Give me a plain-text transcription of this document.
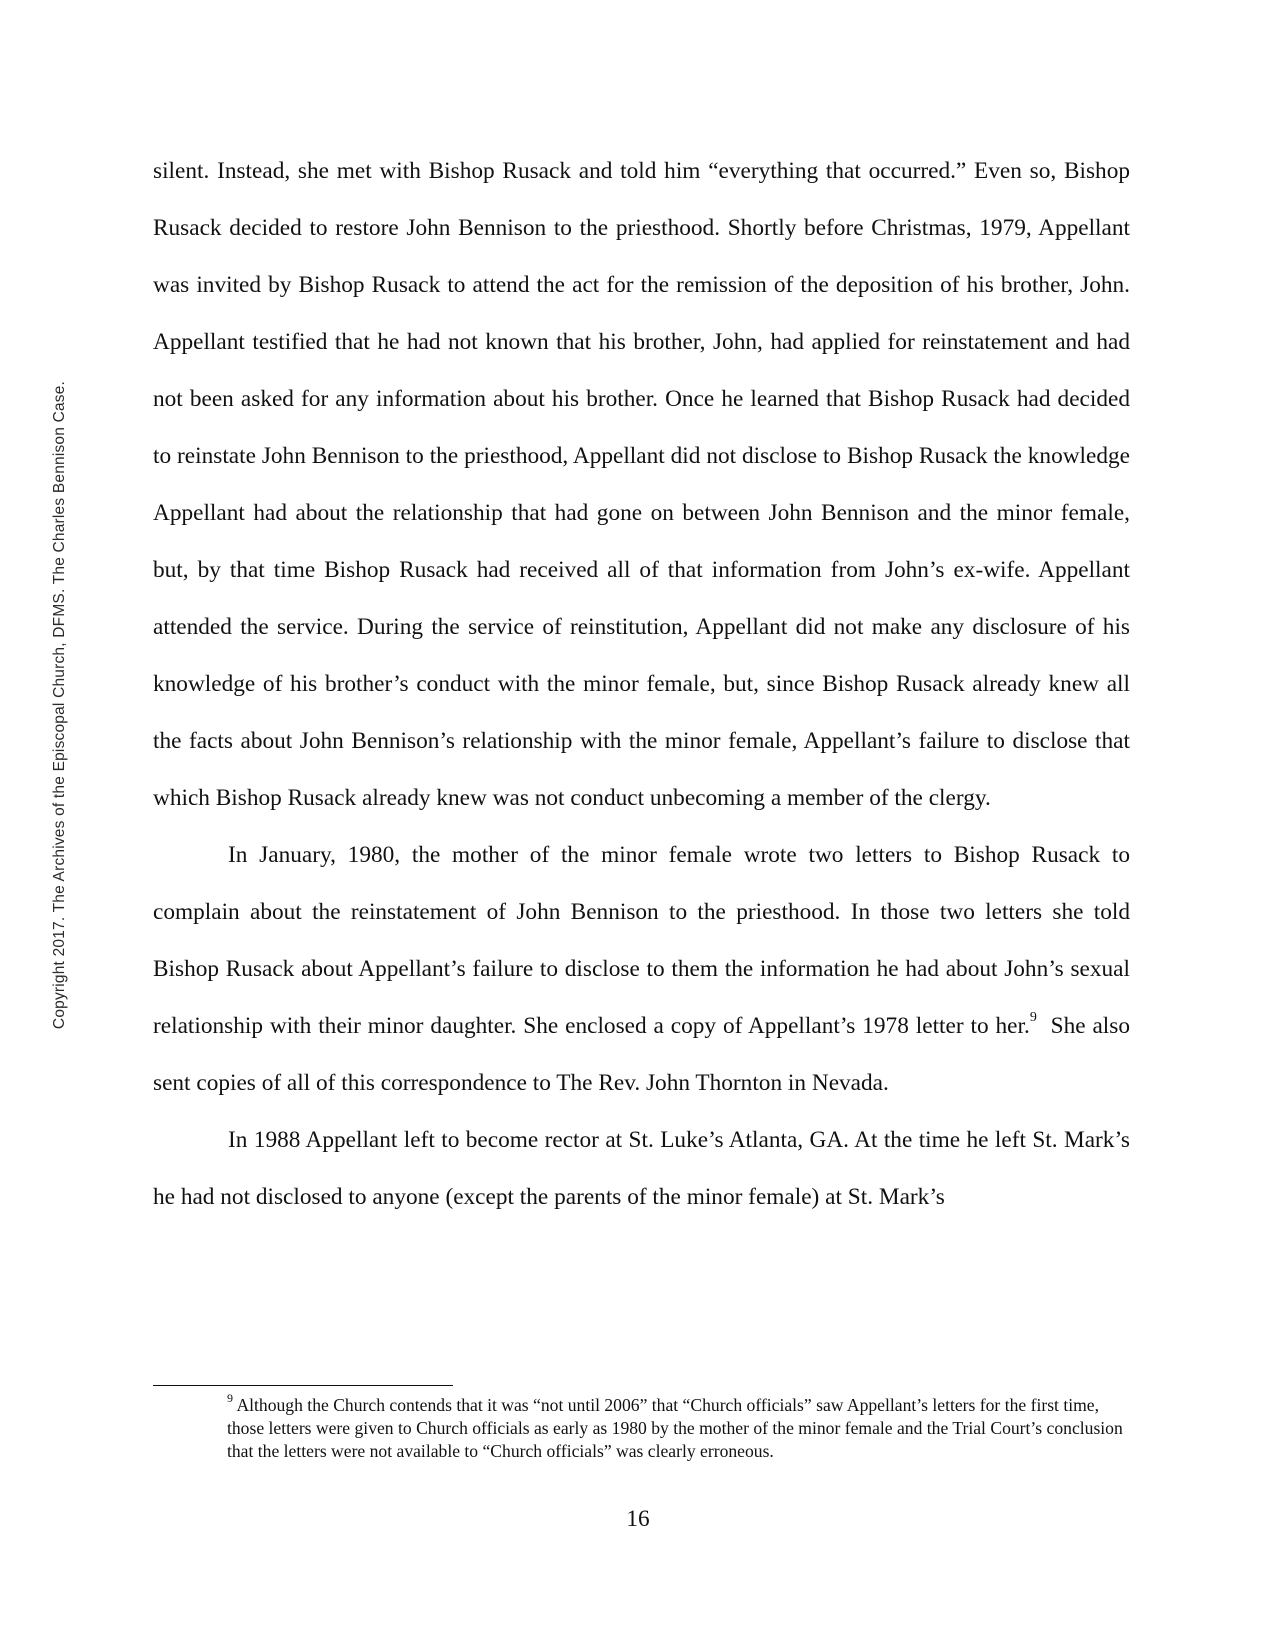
Copyright 2017. The Archives of the Episcopal Church, DFMS. The Charles Bennison Case.

silent. Instead, she met with Bishop Rusack and told him “everything that occurred.” Even so, Bishop Rusack decided to restore John Bennison to the priesthood. Shortly before Christmas, 1979, Appellant was invited by Bishop Rusack to attend the act for the remission of the deposition of his brother, John. Appellant testified that he had not known that his brother, John, had applied for reinstatement and had not been asked for any information about his brother. Once he learned that Bishop Rusack had decided to reinstate John Bennison to the priesthood, Appellant did not disclose to Bishop Rusack the knowledge Appellant had about the relationship that had gone on between John Bennison and the minor female, but, by that time Bishop Rusack had received all of that information from John’s ex-wife. Appellant attended the service. During the service of reinstitution, Appellant did not make any disclosure of his knowledge of his brother’s conduct with the minor female, but, since Bishop Rusack already knew all the facts about John Bennison’s relationship with the minor female, Appellant’s failure to disclose that which Bishop Rusack already knew was not conduct unbecoming a member of the clergy.

In January, 1980, the mother of the minor female wrote two letters to Bishop Rusack to complain about the reinstatement of John Bennison to the priesthood. In those two letters she told Bishop Rusack about Appellant’s failure to disclose to them the information he had about John’s sexual relationship with their minor daughter. She enclosed a copy of Appellant’s 1978 letter to her.$^9$ She also sent copies of all of this correspondence to The Rev. John Thornton in Nevada.

In 1988 Appellant left to become rector at St. Luke’s Atlanta, GA. At the time he left St. Mark’s he had not disclosed to anyone (except the parents of the minor female) at St. Mark’s

$^9$ Although the Church contends that it was “not until 2006” that “Church officials” saw Appellant’s letters for the first time, those letters were given to Church officials as early as 1980 by the mother of the minor female and the Trial Court’s conclusion that the letters were not available to “Church officials” was clearly erroneous.
16
